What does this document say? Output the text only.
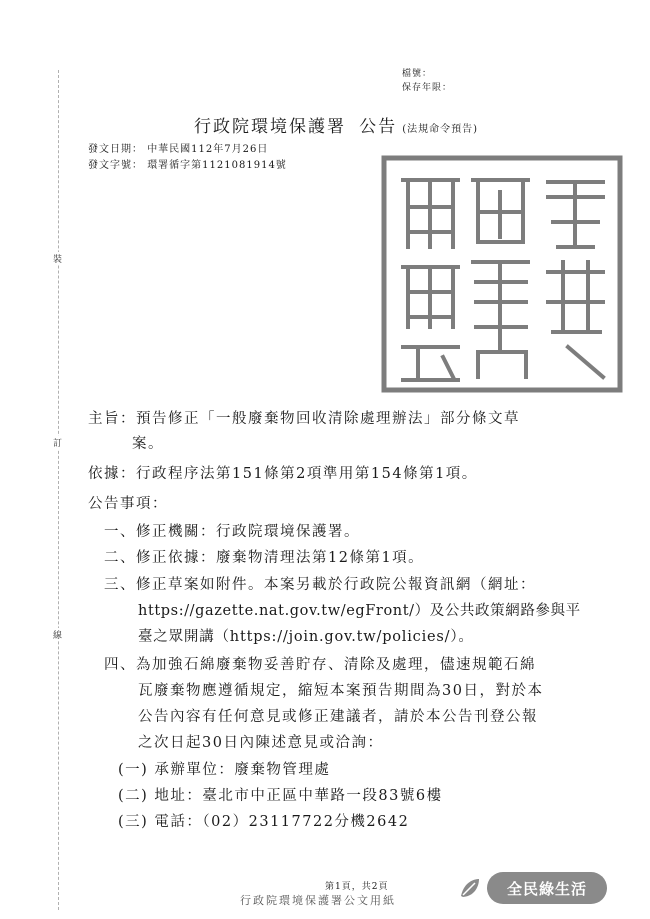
檔號：
保存年限：
行政院環境保護署 公告 (法規命令預告)
發文日期： 中華民國112年7月26日
發文字號： 環署循字第1121081914號
裝
訂
線
主旨：預告修正「一般廢棄物回收清除處理辦法」部分條文草
案。
依據：行政程序法第151條第2項準用第154條第1項。
公告事項：
一、修正機關：行政院環境保護署。
二、修正依據：廢棄物清理法第12條第1項。
三、修正草案如附件。本案另載於行政院公報資訊網（網址：
https://gazette.nat.gov.tw/egFront/）及公共政策網路參與平
臺之眾開講（https://join.gov.tw/policies/）。
四、為加強石綿廢棄物妥善貯存、清除及處理，儘速規範石綿
瓦廢棄物應遵循規定，縮短本案預告期間為30日，對於本
公告內容有任何意見或修正建議者，請於本公告刊登公報
之次日起30日內陳述意見或洽詢：
(一) 承辦單位：廢棄物管理處
(二) 地址：臺北市中正區中華路一段83號6樓
(三) 電話：（02）23117722分機2642
第1頁，共2頁
行政院環境保護署公文用紙
全民綠生活
